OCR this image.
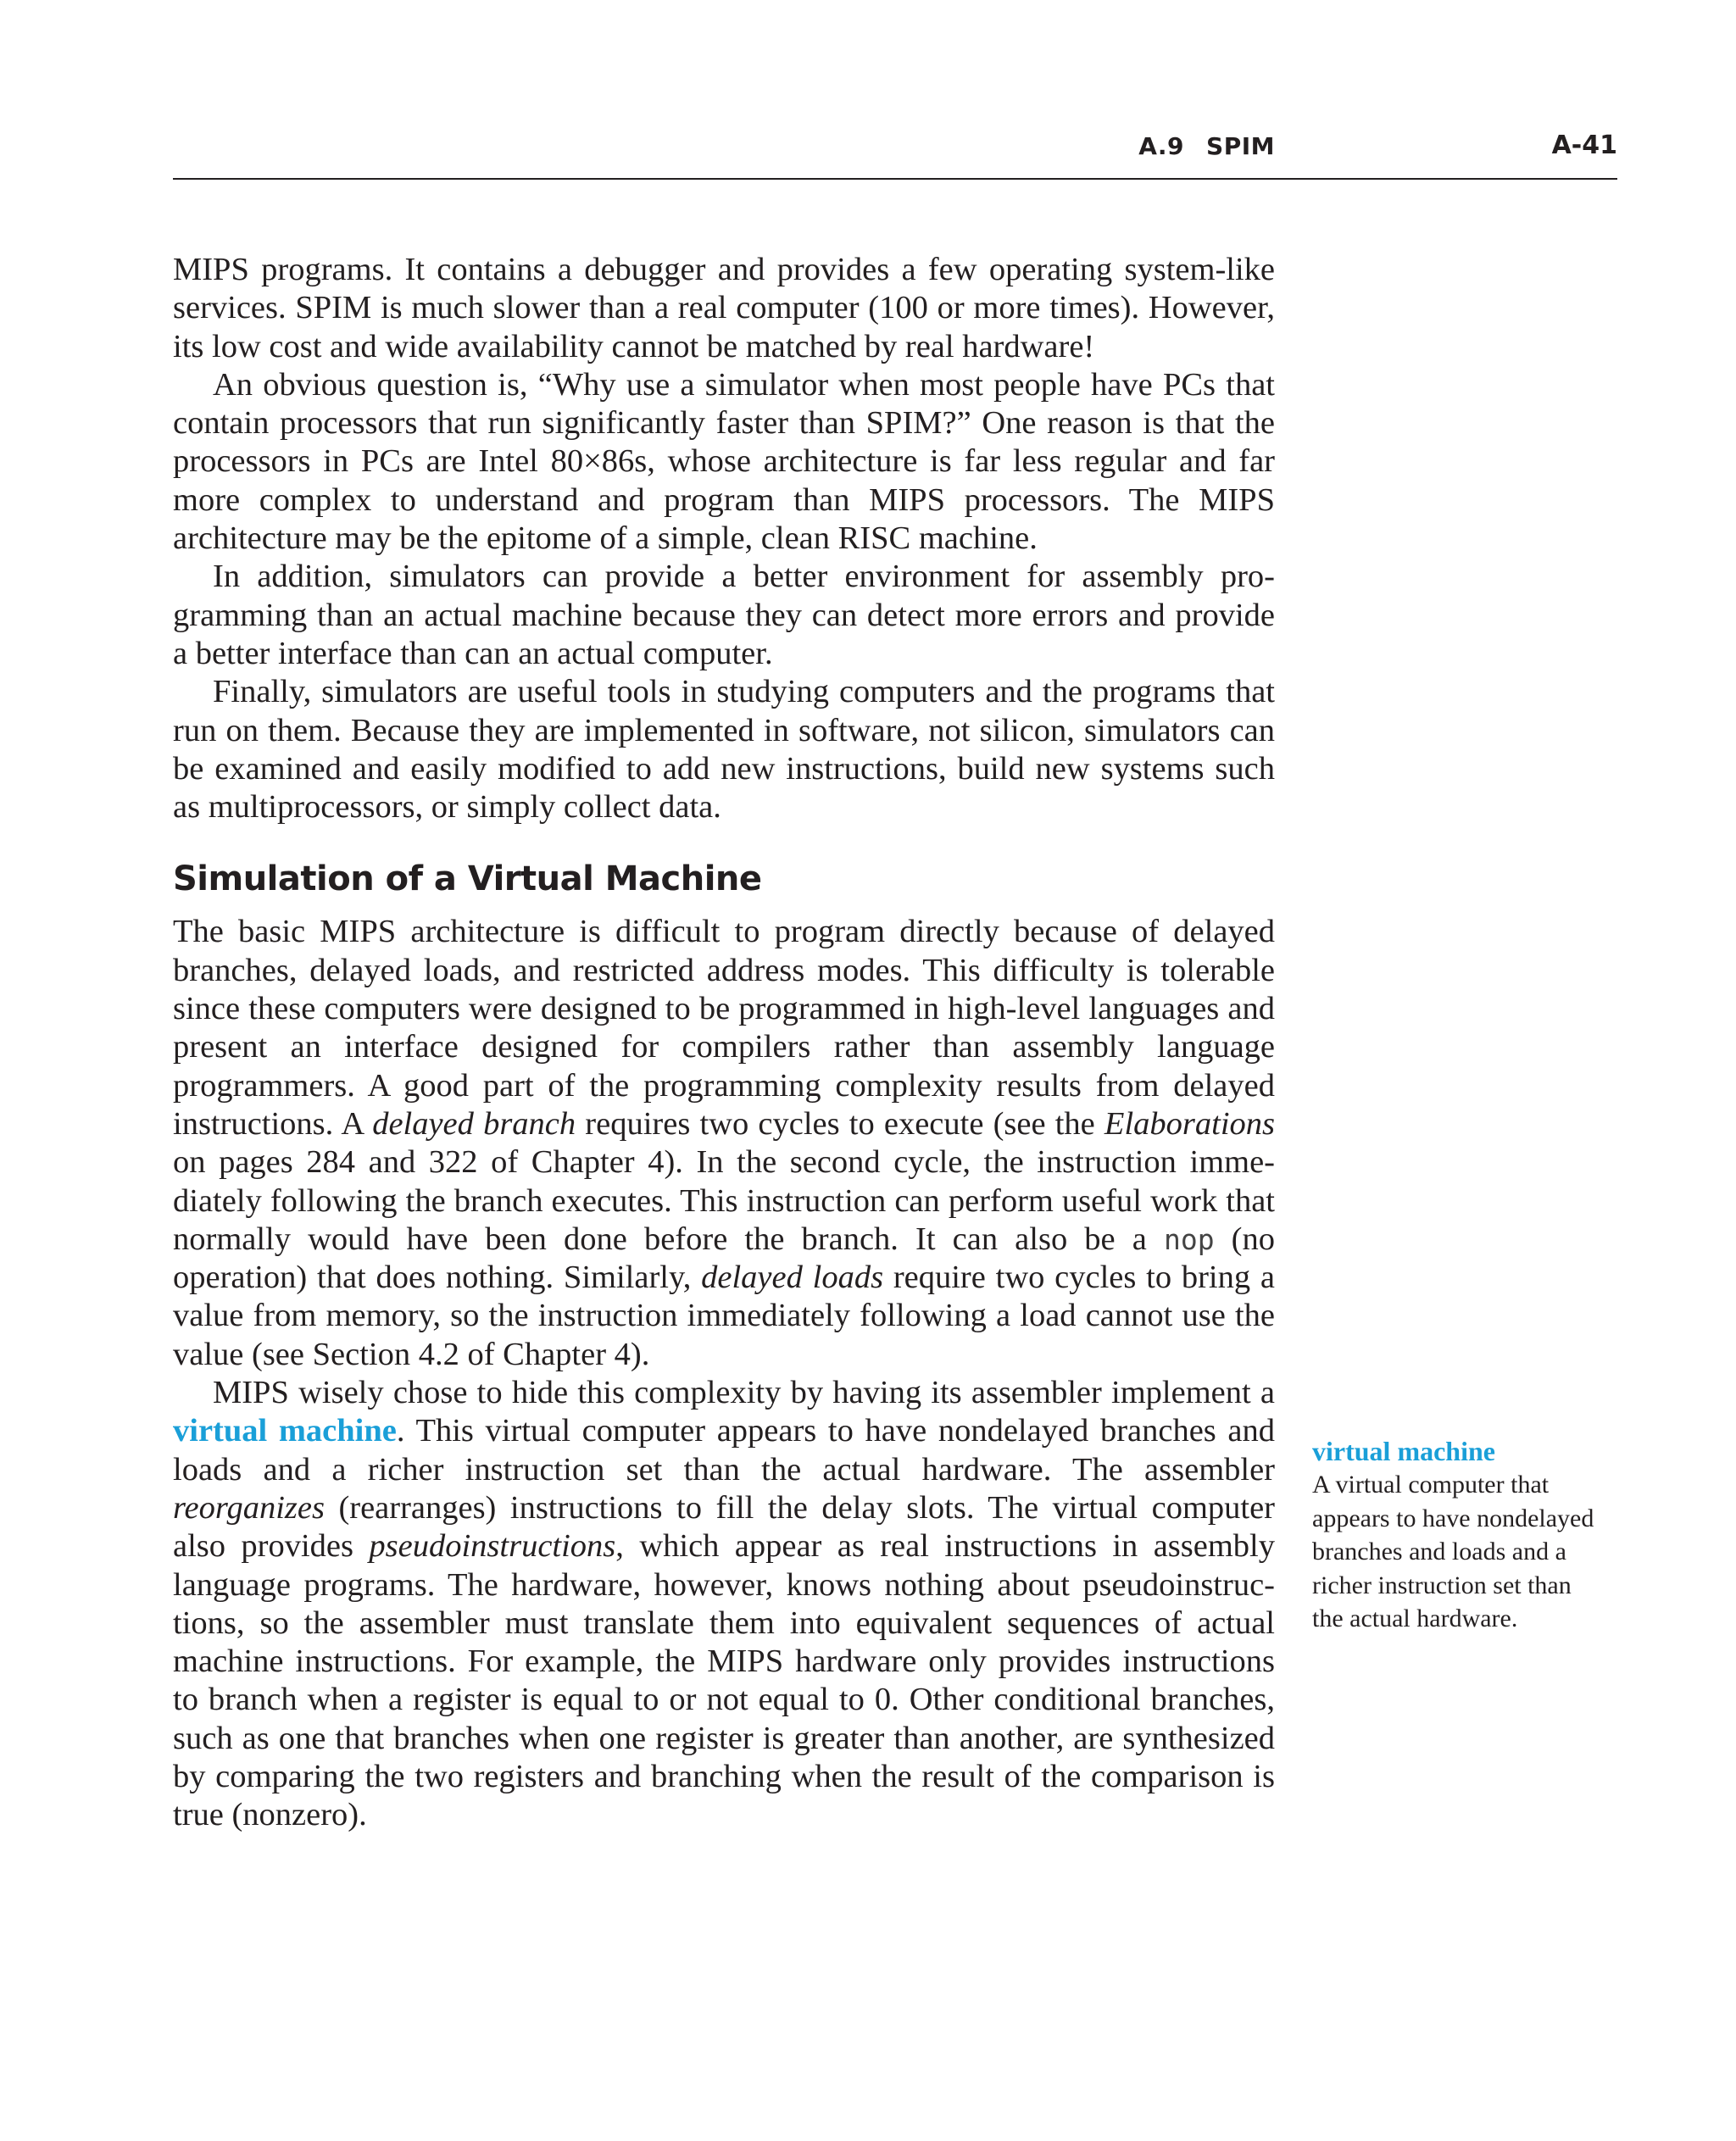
A.9 SPIM	A-41

MIPS programs. It contains a debugger and provides a few operating system-like services. SPIM is much slower than a real computer (100 or more times). However, its low cost and wide availability cannot be matched by real hardware!

An obvious question is, “Why use a simulator when most people have PCs that contain processors that run significantly faster than SPIM?” One reason is that the processors in PCs are Intel 80×86s, whose architecture is far less regular and far more complex to understand and program than MIPS processors. The MIPS architecture may be the epitome of a simple, clean RISC machine.

In addition, simulators can provide a better environment for assembly programming than an actual machine because they can detect more errors and provide a better interface than can an actual computer.

Finally, simulators are useful tools in studying computers and the programs that run on them. Because they are implemented in software, not silicon, simulators can be examined and easily modified to add new instructions, build new systems such as multiprocessors, or simply collect data.

Simulation of a Virtual Machine

The basic MIPS architecture is difficult to program directly because of delayed branches, delayed loads, and restricted address modes. This difficulty is tolerable since these computers were designed to be programmed in high-level languages and present an interface designed for compilers rather than assembly language programmers. A good part of the programming complexity results from delayed instructions. A delayed branch requires two cycles to execute (see the Elaborations on pages 284 and 322 of Chapter 4). In the second cycle, the instruction immediately following the branch executes. This instruction can perform useful work that normally would have been done before the branch. It can also be a nop (no operation) that does nothing. Similarly, delayed loads require two cycles to bring a value from memory, so the instruction immediately following a load cannot use the value (see Section 4.2 of Chapter 4).

MIPS wisely chose to hide this complexity by having its assembler implement a virtual machine. This virtual computer appears to have nondelayed branches and loads and a richer instruction set than the actual hardware. The assembler reorganizes (rearranges) instructions to fill the delay slots. The virtual computer also provides pseudoinstructions, which appear as real instructions in assembly language programs. The hardware, however, knows nothing about pseudoinstructions, so the assembler must translate them into equivalent sequences of actual machine instructions. For example, the MIPS hardware only provides instructions to branch when a register is equal to or not equal to 0. Other conditional branches, such as one that branches when one register is greater than another, are synthesized by comparing the two registers and branching when the result of the comparison is true (nonzero).

virtual machine
A virtual computer that appears to have nondelayed branches and loads and a richer instruction set than the actual hardware.
